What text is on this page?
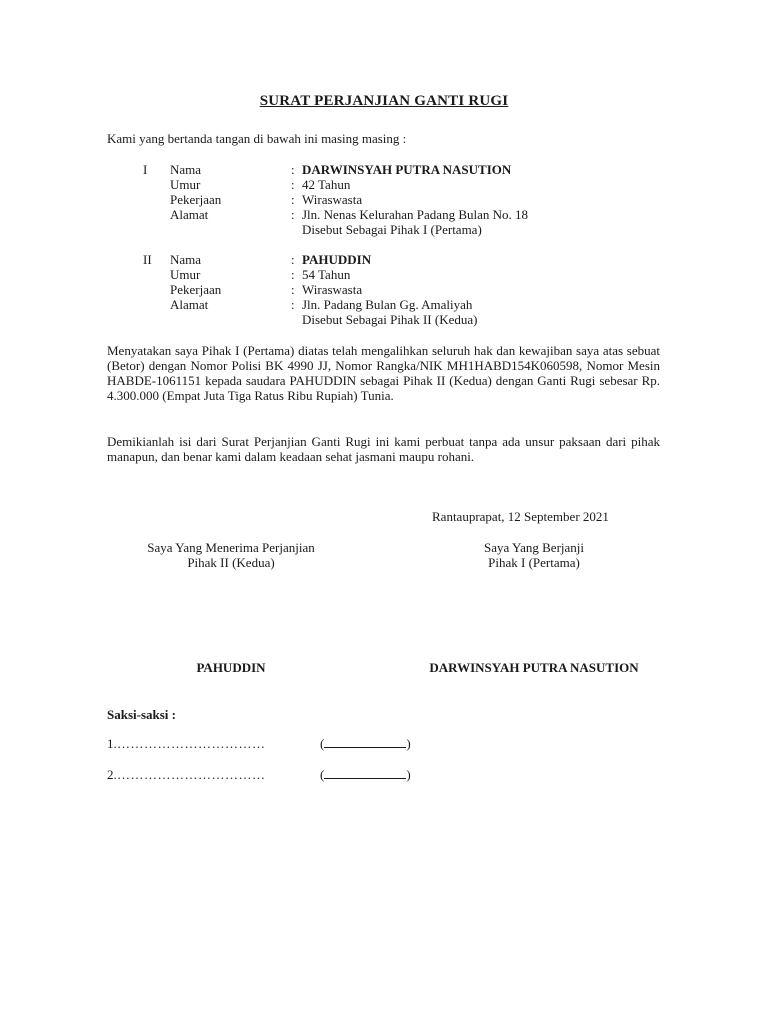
SURAT PERJANJIAN GANTI RUGI
Kami yang bertanda tangan di bawah ini masing masing :
I Nama	: DARWINSYAH PUTRA NASUTION
Umur	: 42 Tahun
Pekerjaan	: Wiraswasta
Alamat	: Jln. Nenas Kelurahan Padang Bulan No. 18
Disebut Sebagai Pihak I (Pertama)
II Nama	: PAHUDDIN
Umur	: 54 Tahun
Pekerjaan	: Wiraswasta
Alamat	: Jln. Padang Bulan Gg. Amaliyah
Disebut Sebagai Pihak II (Kedua)
Menyatakan saya Pihak I (Pertama) diatas telah mengalihkan seluruh hak dan kewajiban saya atas sebuat (Betor) dengan Nomor Polisi BK 4990 JJ, Nomor Rangka/NIK MH1HABD154K060598, Nomor Mesin HABDE-1061151 kepada saudara PAHUDDIN sebagai Pihak II (Kedua) dengan Ganti Rugi sebesar Rp. 4.300.000 (Empat Juta Tiga Ratus Ribu Rupiah) Tunia.
Demikianlah isi dari Surat Perjanjian Ganti Rugi ini kami perbuat tanpa ada unsur paksaan dari pihak manapun, dan benar kami dalam keadaan sehat jasmani maupu rohani.
Rantauprapat, 12 September 2021
Saya Yang Menerima Perjanjian
Pihak II (Kedua)
Saya Yang Berjanji
Pihak I (Pertama)
PAHUDDIN	DARWINSYAH PUTRA NASUTION
Saksi-saksi :
1. ……………………………	(	)
2. ……………………………	(	)
